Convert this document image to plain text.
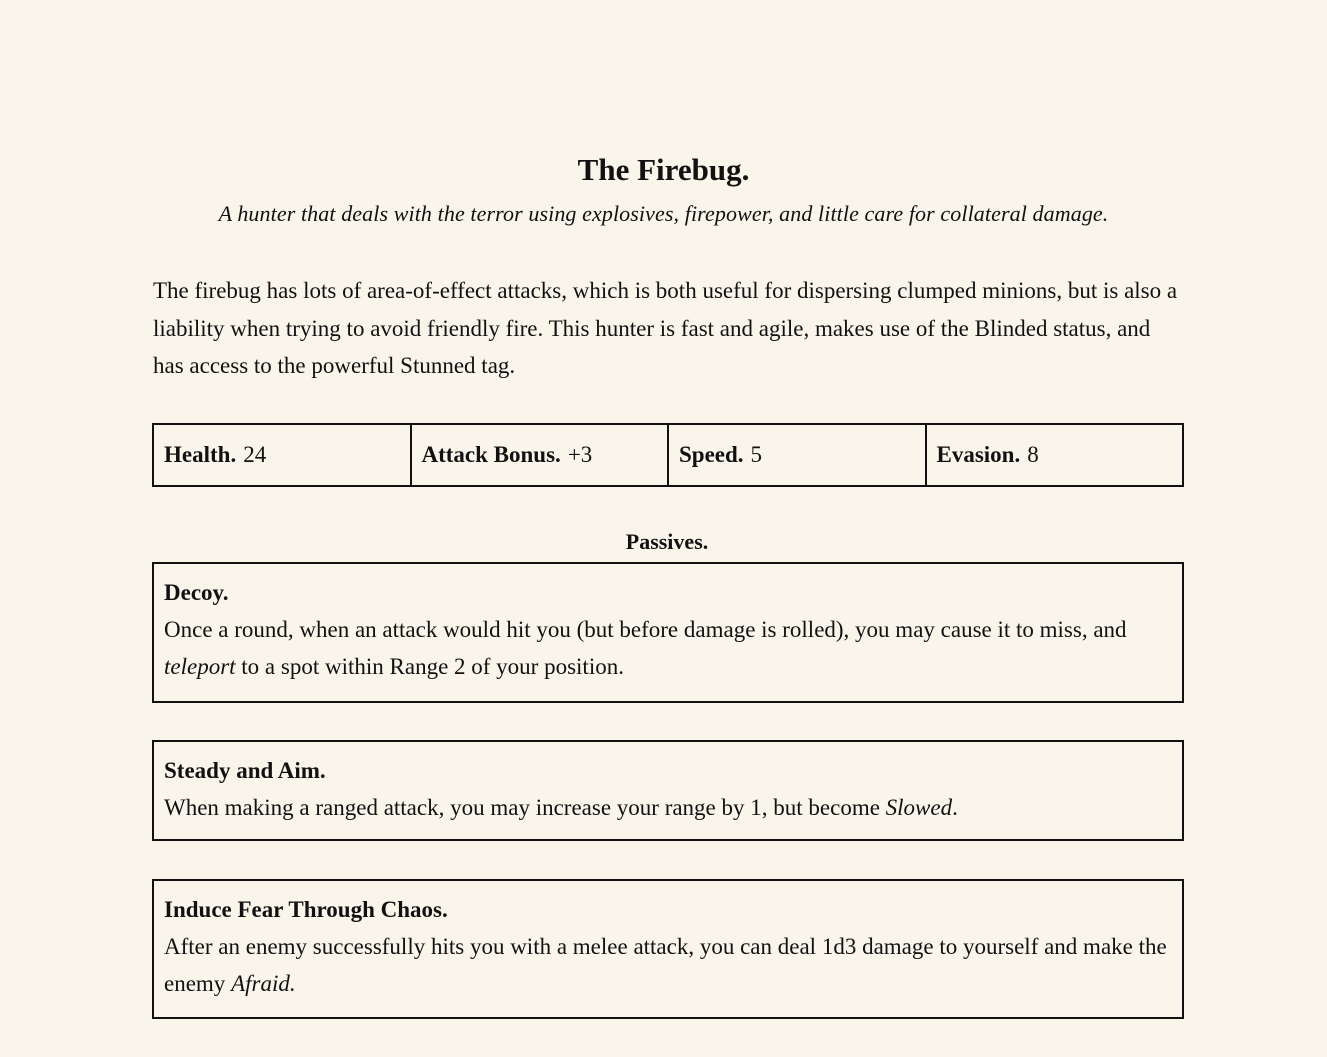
The Firebug.
A hunter that deals with the terror using explosives, firepower, and little care for collateral damage.

The firebug has lots of area-of-effect attacks, which is both useful for dispersing clumped minions, but is also a liability when trying to avoid friendly fire. This hunter is fast and agile, makes use of the Blinded status, and has access to the powerful Stunned tag.

Health. 24	Attack Bonus. +3	Speed. 5	Evasion. 8
Passives.
Decoy.
Once a round, when an attack would hit you (but before damage is rolled), you may cause it to miss, and teleport to a spot within Range 2 of your position.
Steady and Aim.
When making a ranged attack, you may increase your range by 1, but become Slowed.
Induce Fear Through Chaos.
After an enemy successfully hits you with a melee attack, you can deal 1d3 damage to yourself and make the enemy Afraid.
